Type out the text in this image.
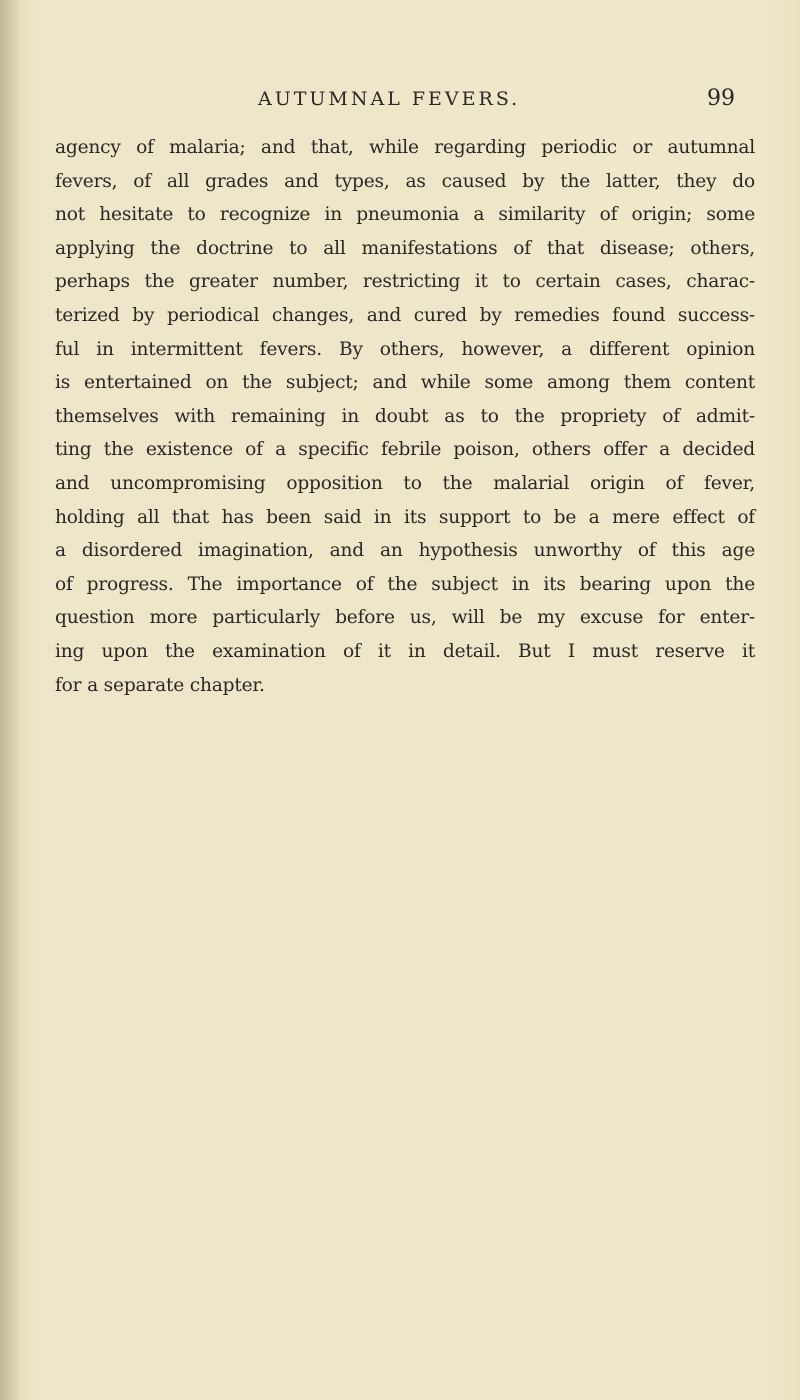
AUTUMNAL FEVERS.	99
agency of malaria; and that, while regarding periodic or autumnal
fevers, of all grades and types, as caused by the latter, they do
not hesitate to recognize in pneumonia a similarity of origin; some
applying the doctrine to all manifestations of that disease; others,
perhaps the greater number, restricting it to certain cases, charac-
terized by periodical changes, and cured by remedies found success-
ful in intermittent fevers. By others, however, a different opinion
is entertained on the subject; and while some among them content
themselves with remaining in doubt as to the propriety of admit-
ting the existence of a specific febrile poison, others offer a decided
and uncompromising opposition to the malarial origin of fever,
holding all that has been said in its support to be a mere effect of
a disordered imagination, and an hypothesis unworthy of this age
of progress. The importance of the subject in its bearing upon the
question more particularly before us, will be my excuse for enter-
ing upon the examination of it in detail. But I must reserve it
for a separate chapter.
